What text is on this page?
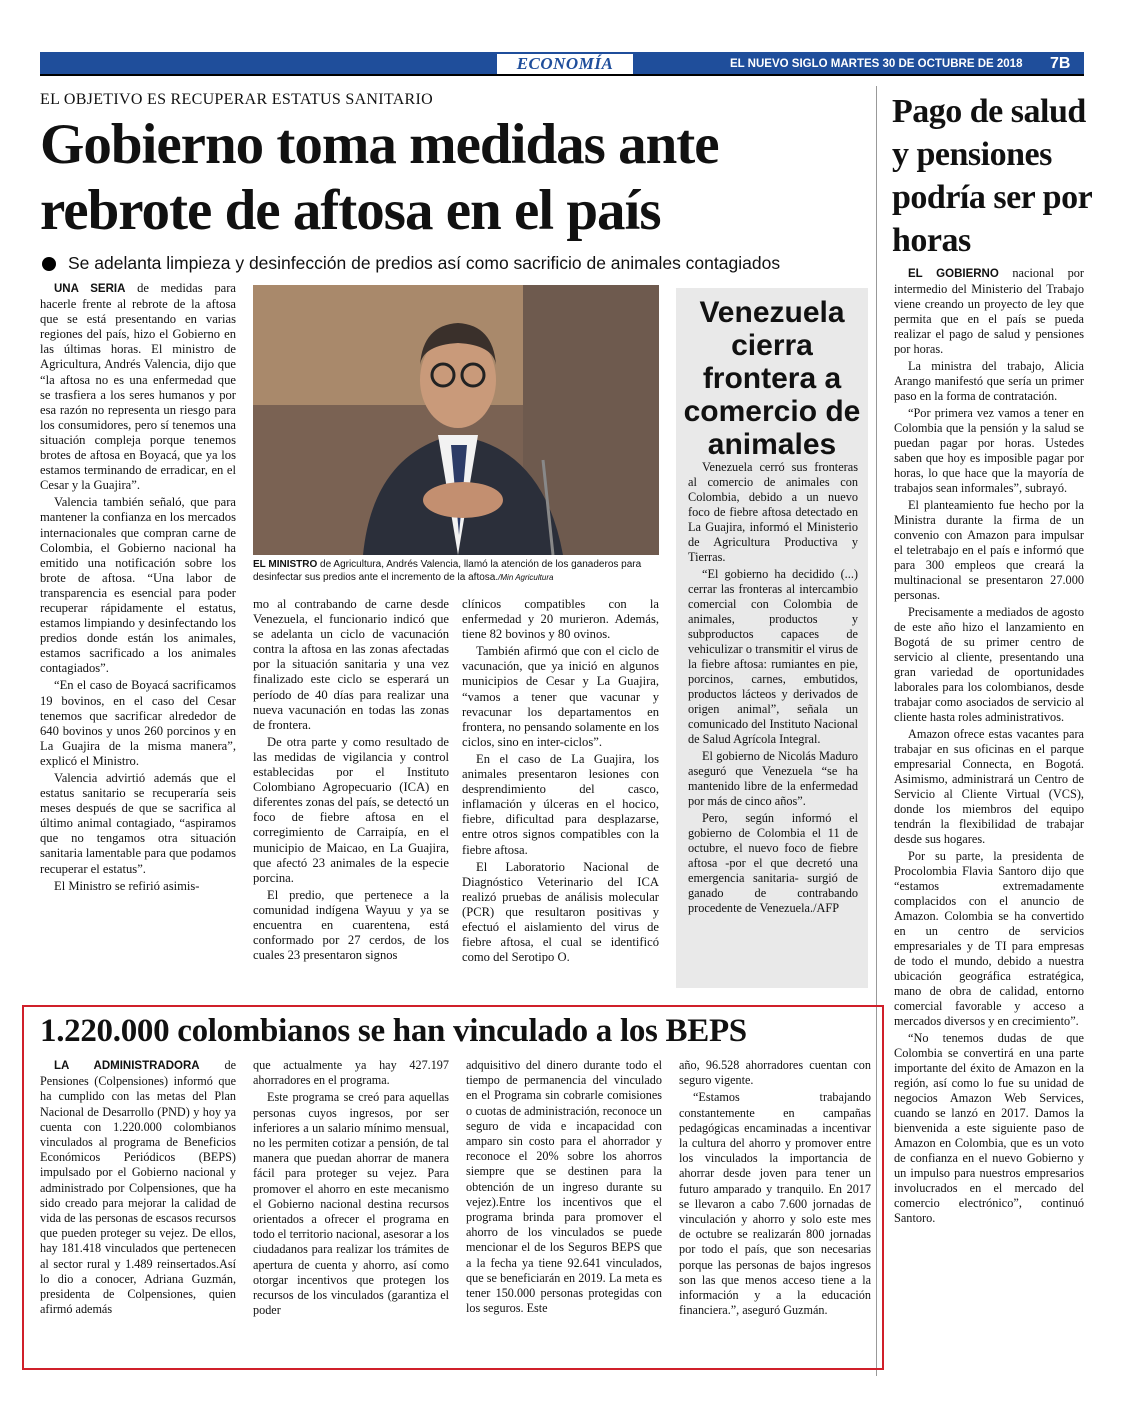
ECONOMÍA	EL NUEVO SIGLO MARTES 30 DE OCTUBRE DE 2018 7B
EL OBJETIVO ES RECUPERAR ESTATUS SANITARIO
Gobierno toma medidas ante
rebrote de aftosa en el país
Se adelanta limpieza y desinfección de predios así como sacrificio de animales contagiados
UNA SERIA de medidas para hacerle frente al rebrote de la aftosa que se está presentando en varias regiones del país, hizo el Gobierno en las últimas horas. El ministro de Agricultura, Andrés Valencia, dijo que “la aftosa no es una enfermedad que se trasfiera a los seres humanos y por esa razón no representa un riesgo para los consumidores, pero sí tenemos una situación compleja porque tenemos brotes de aftosa en Boyacá, que ya los estamos terminando de erradicar, en el Cesar y la Guajira”.
Valencia también señaló, que para mantener la confianza en los mercados internacionales que compran carne de Colombia, el Gobierno nacional ha emitido una notificación sobre los brote de aftosa. “Una labor de transparencia es esencial para poder recuperar rápidamente el estatus, estamos limpiando y desinfectando los predios donde están los animales, estamos sacrificado a los animales contagiados”.
“En el caso de Boyacá sacrificamos 19 bovinos, en el caso del Cesar tenemos que sacrificar alrededor de 640 bovinos y unos 260 porcinos y en La Guajira de la misma manera”, explicó el Ministro.
Valencia advirtió además que el estatus sanitario se recuperaría seis meses después de que se sacrifica al último animal contagiado, “aspiramos que no tengamos otra situación sanitaria lamentable para que podamos recuperar el estatus”.
El Ministro se refirió asimis-
EL MINISTRO de Agricultura, Andrés Valencia, llamó la atención de los ganaderos para desinfectar sus predios ante el incremento de la aftosa./Min Agricultura
mo al contrabando de carne desde Venezuela, el funcionario indicó que se adelanta un ciclo de vacunación contra la aftosa en las zonas afectadas por la situación sanitaria y una vez finalizado este ciclo se esperará un período de 40 días para realizar una nueva vacunación en todas las zonas de frontera.
De otra parte y como resultado de las medidas de vigilancia y control establecidas por el Instituto Colombiano Agropecuario (ICA) en diferentes zonas del país, se detectó un foco de fiebre aftosa en el corregimiento de Carraipía, en el municipio de Maicao, en La Guajira, que afectó 23 animales de la especie porcina.
El predio, que pertenece a la comunidad indígena Wayuu y ya se encuentra en cuarentena, está conformado por 27 cerdos, de los cuales 23 presentaron signos
clínicos compatibles con la enfermedad y 20 murieron. Además, tiene 82 bovinos y 80 ovinos.
También afirmó que con el ciclo de vacunación, que ya inició en algunos municipios de Cesar y La Guajira, “vamos a tener que vacunar y revacunar los departamentos en frontera, no pensando solamente en los ciclos, sino en inter-ciclos”.
En el caso de La Guajira, los animales presentaron lesiones con desprendimiento del casco, inflamación y úlceras en el hocico, fiebre, dificultad para desplazarse, entre otros signos compatibles con la fiebre aftosa.
El Laboratorio Nacional de Diagnóstico Veterinario del ICA realizó pruebas de análisis molecular (PCR) que resultaron positivas y efectuó el aislamiento del virus de fiebre aftosa, el cual se identificó como del Serotipo O.
Venezuela cierra frontera a comercio de animales
Venezuela cerró sus fronteras al comercio de animales con Colombia, debido a un nuevo foco de fiebre aftosa detectado en La Guajira, informó el Ministerio de Agricultura Productiva y Tierras.
“El gobierno ha decidido (...) cerrar las fronteras al intercambio comercial con Colombia de animales, productos y subproductos capaces de vehiculizar o transmitir el virus de la fiebre aftosa: rumiantes en pie, porcinos, carnes, embutidos, productos lácteos y derivados de origen animal”, señala un comunicado del Instituto Nacional de Salud Agrícola Integral.
El gobierno de Nicolás Maduro aseguró que Venezuela “se ha mantenido libre de la enfermedad por más de cinco años”.
Pero, según informó el gobierno de Colombia el 11 de octubre, el nuevo foco de fiebre aftosa -por el que decretó una emergencia sanitaria- surgió de ganado de contrabando procedente de Venezuela./AFP
Pago de salud y pensiones podría ser por horas
EL GOBIERNO nacional por intermedio del Ministerio del Trabajo viene creando un proyecto de ley que permita que en el país se pueda realizar el pago de salud y pensiones por horas.
La ministra del trabajo, Alicia Arango manifestó que sería un primer paso en la forma de contratación.
“Por primera vez vamos a tener en Colombia que la pensión y la salud se puedan pagar por horas. Ustedes saben que hoy es imposible pagar por horas, lo que hace que la mayoría de trabajos sean informales”, subrayó.
El planteamiento fue hecho por la Ministra durante la firma de un convenio con Amazon para impulsar el teletrabajo en el país e informó que para 300 empleos que creará la multinacional se presentaron 27.000 personas.
Precisamente a mediados de agosto de este año hizo el lanzamiento en Bogotá de su primer centro de servicio al cliente, presentando una gran variedad de oportunidades laborales para los colombianos, desde trabajar como asociados de servicio al cliente hasta roles administrativos.
Amazon ofrece estas vacantes para trabajar en sus oficinas en el parque empresarial Connecta, en Bogotá. Asimismo, administrará un Centro de Servicio al Cliente Virtual (VCS), donde los miembros del equipo tendrán la flexibilidad de trabajar desde sus hogares.
Por su parte, la presidenta de Procolombia Flavia Santoro dijo que “estamos extremadamente complacidos con el anuncio de Amazon. Colombia se ha convertido en un centro de servicios empresariales y de TI para empresas de todo el mundo, debido a nuestra ubicación geográfica estratégica, mano de obra de calidad, entorno comercial favorable y acceso a mercados diversos y en crecimiento”.
“No tenemos dudas de que Colombia se convertirá en una parte importante del éxito de Amazon en la región, así como lo fue su unidad de negocios Amazon Web Services, cuando se lanzó en 2017. Damos la bienvenida a este siguiente paso de Amazon en Colombia, que es un voto de confianza en el nuevo Gobierno y un impulso para nuestros empresarios involucrados en el mercado del comercio electrónico”, continuó Santoro.
1.220.000 colombianos se han vinculado a los BEPS
LA ADMINISTRADORA de Pensiones (Colpensiones) informó que ha cumplido con las metas del Plan Nacional de Desarrollo (PND) y hoy ya cuenta con 1.220.000 colombianos vinculados al programa de Beneficios Económicos Periódicos (BEPS) impulsado por el Gobierno nacional y administrado por Colpensiones, que ha sido creado para mejorar la calidad de vida de las personas de escasos recursos que pueden proteger su vejez. De ellos, hay 181.418 vinculados que pertenecen al sector rural y 1.489 reinsertados.Así lo dio a conocer, Adriana Guzmán, presidenta de Colpensiones, quien afirmó además
que actualmente ya hay 427.197 ahorradores en el programa.
Este programa se creó para aquellas personas cuyos ingresos, por ser inferiores a un salario mínimo mensual, no les permiten cotizar a pensión, de tal manera que puedan ahorrar de manera fácil para proteger su vejez. Para promover el ahorro en este mecanismo el Gobierno nacional destina recursos orientados a ofrecer el programa en todo el territorio nacional, asesorar a los ciudadanos para realizar los trámites de apertura de cuenta y ahorro, así como otorgar incentivos que protegen los recursos de los vinculados (garantiza el poder
adquisitivo del dinero durante todo el tiempo de permanencia del vinculado en el Programa sin cobrarle comisiones o cuotas de administración, reconoce un seguro de vida e incapacidad con amparo sin costo para el ahorrador y reconoce el 20% sobre los ahorros siempre que se destinen para la obtención de un ingreso durante su vejez).Entre los incentivos que el programa brinda para promover el ahorro de los vinculados se puede mencionar el de los Seguros BEPS que a la fecha ya tiene 92.641 vinculados, que se beneficiarán en 2019. La meta es tener 150.000 personas protegidas con los seguros. Este
año, 96.528 ahorradores cuentan con seguro vigente.
“Estamos trabajando constantemente en campañas pedagógicas encaminadas a incentivar la cultura del ahorro y promover entre los vinculados la importancia de ahorrar desde joven para tener un futuro amparado y tranquilo. En 2017 se llevaron a cabo 7.600 jornadas de vinculación y ahorro y solo este mes de octubre se realizarán 800 jornadas por todo el país, que son necesarias porque las personas de bajos ingresos son las que menos acceso tiene a la información y a la educación financiera.”, aseguró Guzmán.
